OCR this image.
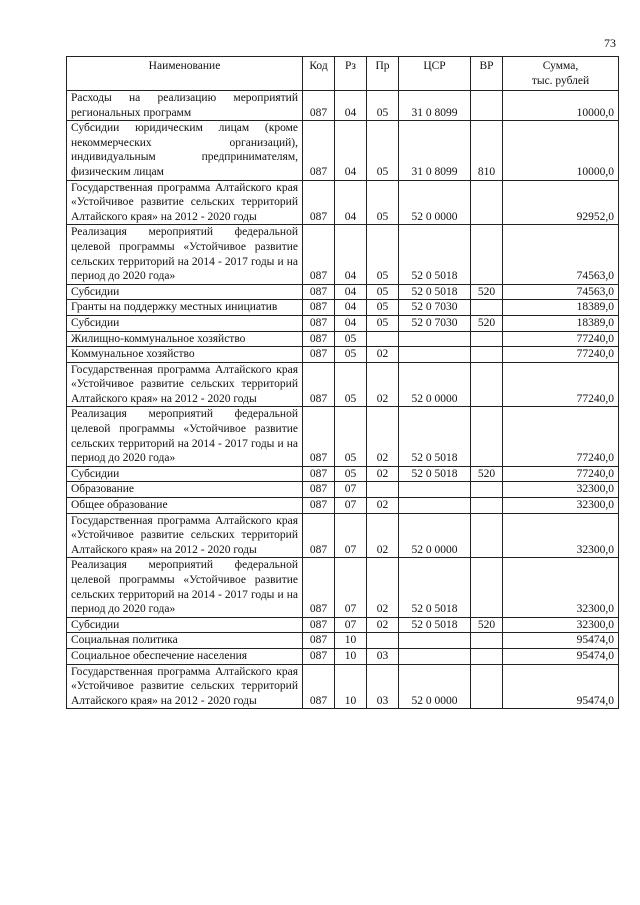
73
Наименование	Код	Рз	Пр	ЦСР	ВР	Сумма,
тыс. рублей
Расходы на реализацию мероприятий региональных программ	087	04	05	31 0 8099		10000,0
Субсидии юридическим лицам (кроме некоммерческих организаций), индивидуальным предпринимателям, физическим лицам	087	04	05	31 0 8099	810	10000,0
Государственная программа Алтайского края «Устойчивое развитие сельских территорий Алтайского края» на 2012 - 2020 годы	087	04	05	52 0 0000		92952,0
Реализация мероприятий федеральной целевой программы «Устойчивое развитие сельских территорий на 2014 - 2017 годы и на период до 2020 года»	087	04	05	52 0 5018		74563,0
Субсидии	087	04	05	52 0 5018	520	74563,0
Гранты на поддержку местных инициатив	087	04	05	52 0 7030		18389,0
Субсидии	087	04	05	52 0 7030	520	18389,0
Жилищно-коммунальное хозяйство	087	05				77240,0
Коммунальное хозяйство	087	05	02			77240,0
Государственная программа Алтайского края «Устойчивое развитие сельских территорий Алтайского края» на 2012 - 2020 годы	087	05	02	52 0 0000		77240,0
Реализация мероприятий федеральной целевой программы «Устойчивое развитие сельских территорий на 2014 - 2017 годы и на период до 2020 года»	087	05	02	52 0 5018		77240,0
Субсидии	087	05	02	52 0 5018	520	77240,0
Образование	087	07				32300,0
Общее образование	087	07	02			32300,0
Государственная программа Алтайского края «Устойчивое развитие сельских территорий Алтайского края» на 2012 - 2020 годы	087	07	02	52 0 0000		32300,0
Реализация мероприятий федеральной целевой программы «Устойчивое развитие сельских территорий на 2014 - 2017 годы и на период до 2020 года»	087	07	02	52 0 5018		32300,0
Субсидии	087	07	02	52 0 5018	520	32300,0
Социальная политика	087	10				95474,0
Социальное обеспечение населения	087	10	03			95474,0
Государственная программа Алтайского края «Устойчивое развитие сельских территорий Алтайского края» на 2012 - 2020 годы	087	10	03	52 0 0000		95474,0
